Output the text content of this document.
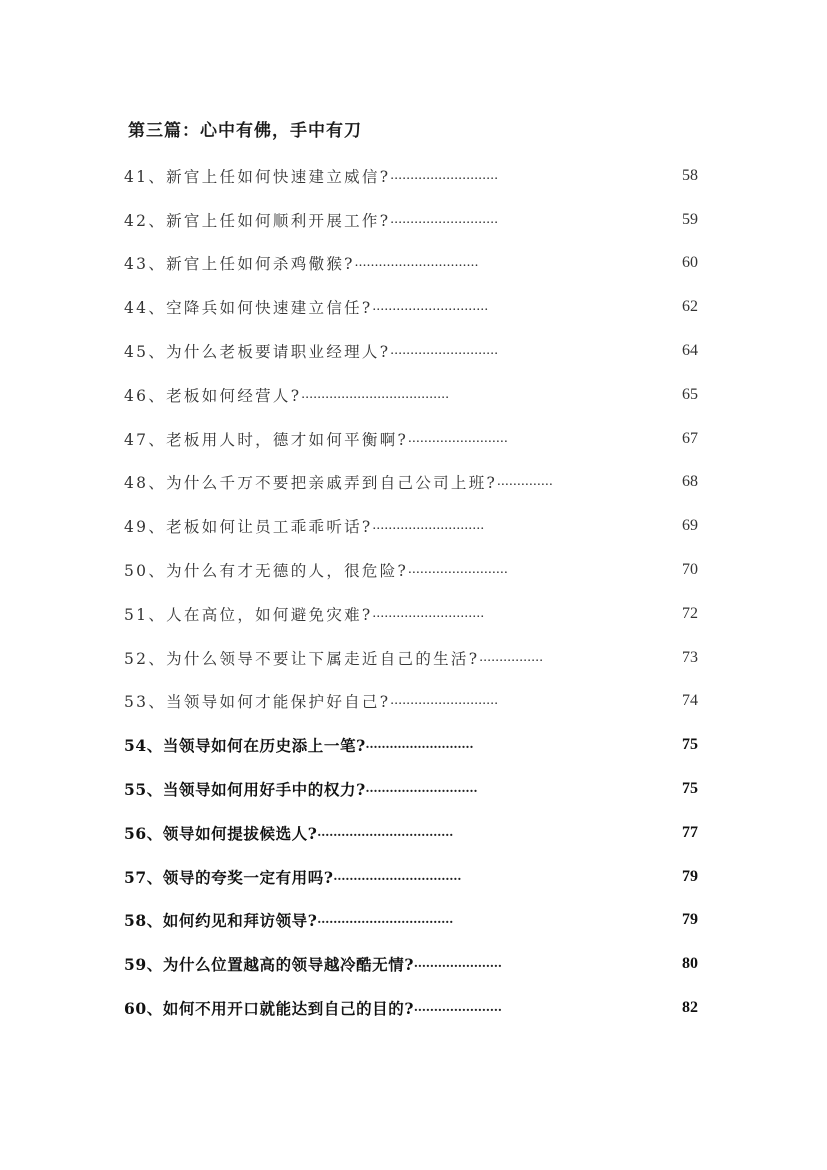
第三篇：心中有佛，手中有刀
41、新官上任如何快速建立威信? ...........................	58
42、新官上任如何顺利开展工作? ...........................	59
43、新官上任如何杀鸡儆猴? ...............................	60
44、空降兵如何快速建立信任? .............................	62
45、为什么老板要请职业经理人? ...........................	64
46、老板如何经营人? .....................................	65
47、老板用人时，德才如何平衡啊? .........................	67
48、为什么千万不要把亲戚弄到自己公司上班? ..............	68
49、老板如何让员工乖乖听话? ............................	69
50、为什么有才无德的人，很危险? .........................	70
51、人在高位，如何避免灾难? ............................	72
52、为什么领导不要让下属走近自己的生活? ................	73
53、当领导如何才能保护好自己? ...........................	74
54、当领导如何在历史添上一笔? ...........................	75
55、当领导如何用好手中的权力? ............................	75
56、领导如何提拔候选人? ..................................	77
57、领导的夸奖一定有用吗? ................................	79
58、如何约见和拜访领导? ..................................	79
59、为什么位置越高的领导越冷酷无情? ......................	80
60、如何不用开口就能达到自己的目的? ......................	82
